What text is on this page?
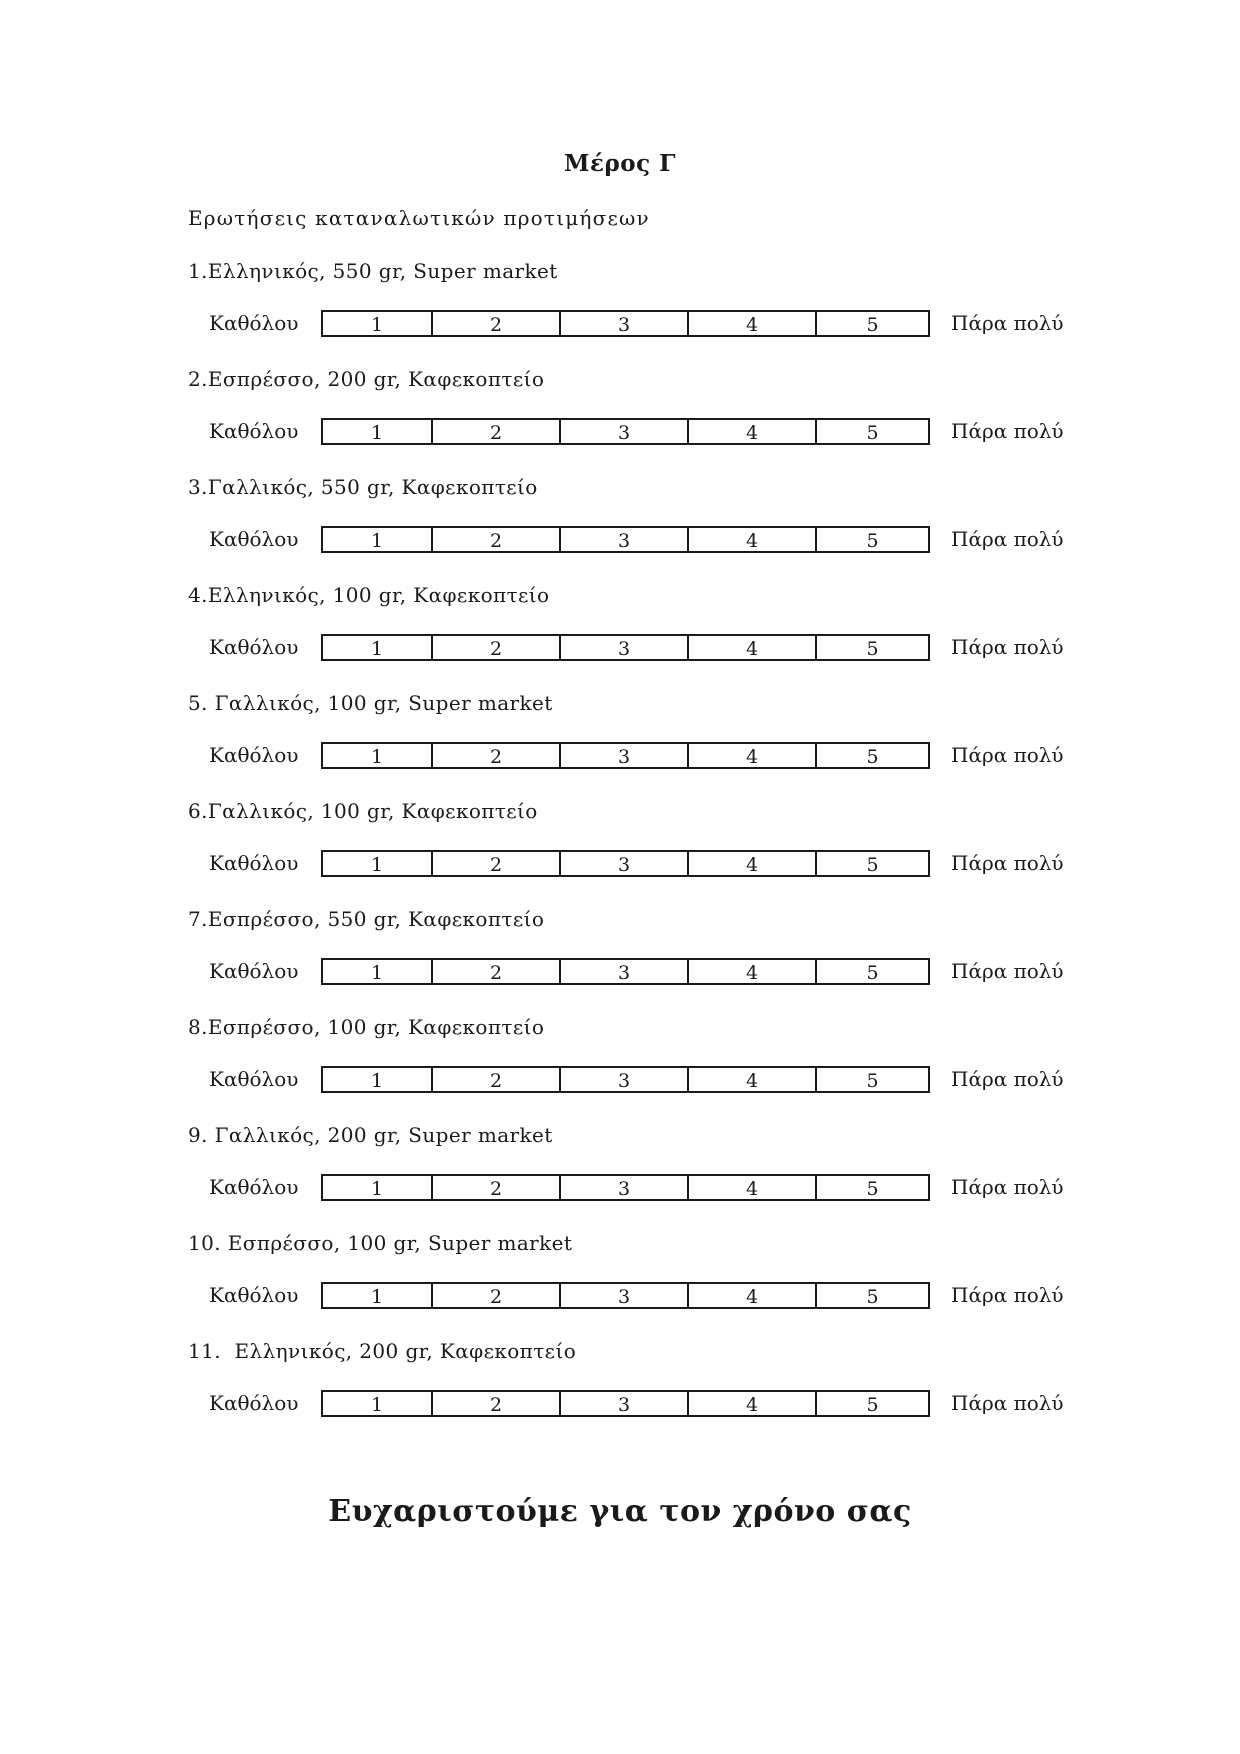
Μέρος Γ
Ερωτήσεις καταναλωτικών προτιμήσεων
1.Ελληνικός, 550 gr, Super market
Καθόλου	1	2	3	4	5	Πάρα πολύ
2.Εσπρέσσο, 200 gr, Καφεκοπτείο
Καθόλου	1	2	3	4	5	Πάρα πολύ
3.Γαλλικός, 550 gr, Καφεκοπτείο
Καθόλου	1	2	3	4	5	Πάρα πολύ
4.Ελληνικός, 100 gr, Καφεκοπτείο
Καθόλου	1	2	3	4	5	Πάρα πολύ
5. Γαλλικός, 100 gr, Super market
Καθόλου	1	2	3	4	5	Πάρα πολύ
6.Γαλλικός, 100 gr, Καφεκοπτείο
Καθόλου	1	2	3	4	5	Πάρα πολύ
7.Εσπρέσσο, 550 gr, Καφεκοπτείο
Καθόλου	1	2	3	4	5	Πάρα πολύ
8.Εσπρέσσο, 100 gr, Καφεκοπτείο
Καθόλου	1	2	3	4	5	Πάρα πολύ
9. Γαλλικός, 200 gr, Super market
Καθόλου	1	2	3	4	5	Πάρα πολύ
10. Εσπρέσσο, 100 gr, Super market
Καθόλου	1	2	3	4	5	Πάρα πολύ
11.  Ελληνικός, 200 gr, Καφεκοπτείο
Καθόλου	1	2	3	4	5	Πάρα πολύ
Ευχαριστούμε για τον χρόνο σας
